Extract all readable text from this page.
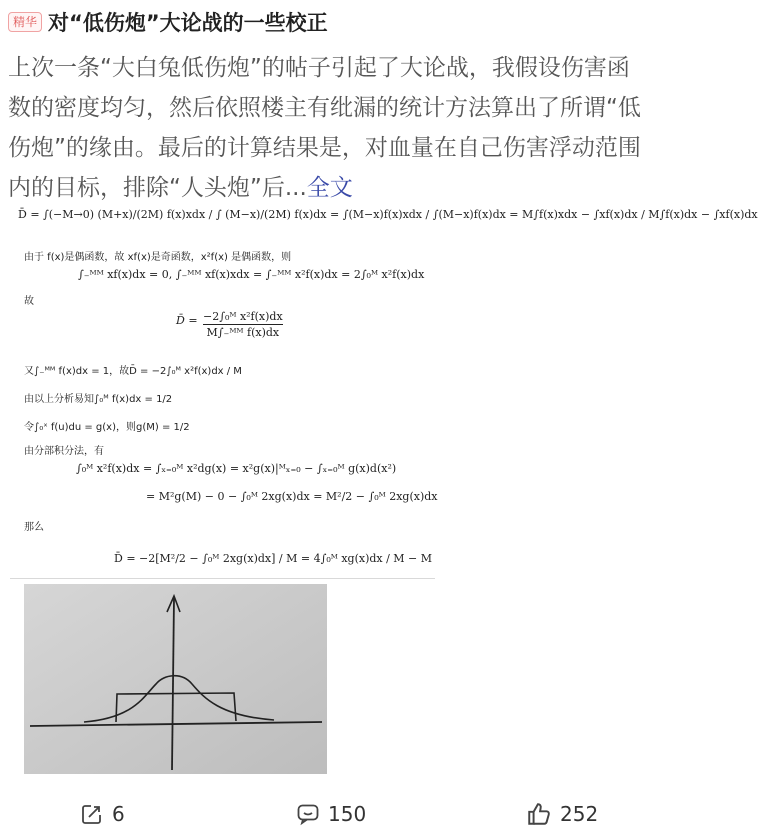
精华 对“低伤炮”大论战的一些校正
上次一条“大白兔低伤炮”的帖子引起了大论战，我假设伤害函数的密度均匀，然后依照楼主有纰漏的统计方法算出了所谓“低伤炮”的缘由。最后的计算结果是，对血量在自己伤害浮动范围内的目标，排除“人头炮”后...全文
D̄ = ∫(−M→0) (M+x)/(2M) f(x)xdx / ∫ (M−x)/(2M) f(x)dx = ∫(M−x)f(x)xdx / ∫(M−x)f(x)dx = M∫f(x)xdx − ∫xf(x)dx / M∫f(x)dx − ∫xf(x)dx
由于 f(x)是偶函数，故 xf(x)是奇函数，x²f(x) 是偶函数，则
∫₋ᴹᴹ xf(x)dx = 0, ∫₋ᴹᴹ xf(x)xdx = ∫₋ᴹᴹ x²f(x)dx = 2∫₀ᴹ x²f(x)dx
故
D̄ = $\frac{\text{−2∫₀ᴹ x²f(x)dx}}{\text{M∫₋ᴹᴹ f(x)dx}}$
又∫₋ᴹᴹ f(x)dx = 1，故D̄ = −2∫₀ᴹ x²f(x)dx / M
由以上分析易知∫₀ᴹ f(x)dx = 1/2
令∫₀ˣ f(u)du = g(x)，则g(M) = 1/2
由分部积分法，有
∫₀ᴹ x²f(x)dx = ∫ₓ₌₀ᴹ x²dg(x) = x²g(x)|ᴹₓ₌₀ − ∫ₓ₌₀ᴹ g(x)d(x²)
= M²g(M) − 0 − ∫₀ᴹ 2xg(x)dx = M²/2 − ∫₀ᴹ 2xg(x)dx
那么
D̄ = −2[M²/2 − ∫₀ᴹ 2xg(x)dx] / M = 4∫₀ᴹ xg(x)dx / M − M
6	150	252
